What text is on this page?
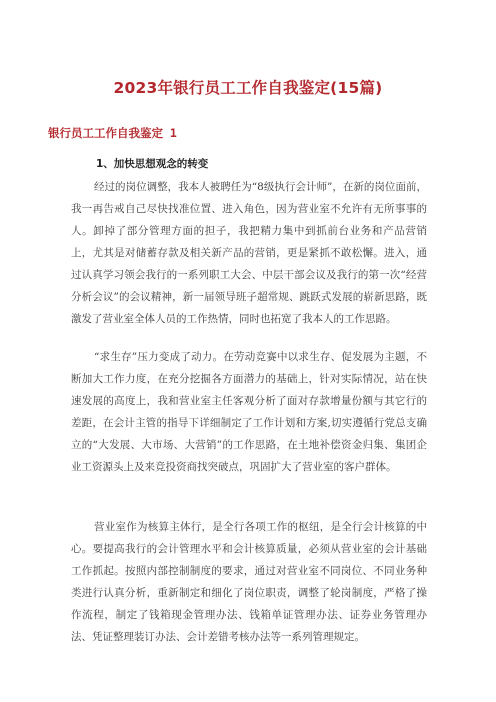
2023年银行员工工作自我鉴定(15篇)
银行员工工作自我鉴定 1
1、加快思想观念的转变

经过的岗位调整，我本人被聘任为“8级执行会计师”，在新的岗位面前，我一再告戒自己尽快找准位置、进入角色，因为营业室不允许有无所事事的人。卸掉了部分管理方面的担子，我把精力集中到抓前台业务和产品营销上，尤其是对储蓄存款及相关新产品的营销，更是紧抓不敢松懈。进入，通过认真学习领会我行的一系列职工大会、中层干部会议及我行的第一次“经营分析会议”的会议精神，新一届领导班子超常规、跳跃式发展的崭新思路，既激发了营业室全体人员的工作热情，同时也拓宽了我本人的工作思路。

“求生存”压力变成了动力。在劳动竞赛中以求生存、促发展为主题，不断加大工作力度，在充分挖掘各方面潜力的基础上，针对实际情况，站在快速发展的高度上，我和营业室主任客观分析了面对存款增量份额与其它行的差距，在会计主管的指导下详细制定了工作计划和方案,切实遵循行党总支确立的“大发展、大市场、大营销”的工作思路，在土地补偿资金归集、集团企业工资源头上及来竞投资商找突破点，巩固扩大了营业室的客户群体。

营业室作为核算主体行，是全行各项工作的枢纽，是全行会计核算的中心。要提高我行的会计管理水平和会计核算质量，必须从营业室的会计基础工作抓起。按照内部控制制度的要求，通过对营业室不同岗位、不同业务种类进行认真分析，重新制定和细化了岗位职责，调整了轮岗制度，严格了操作流程，制定了钱箱现金管理办法、钱箱单证管理办法、证券业务管理办法、凭证整理装订办法、会计差错考核办法等一系列管理规定。
